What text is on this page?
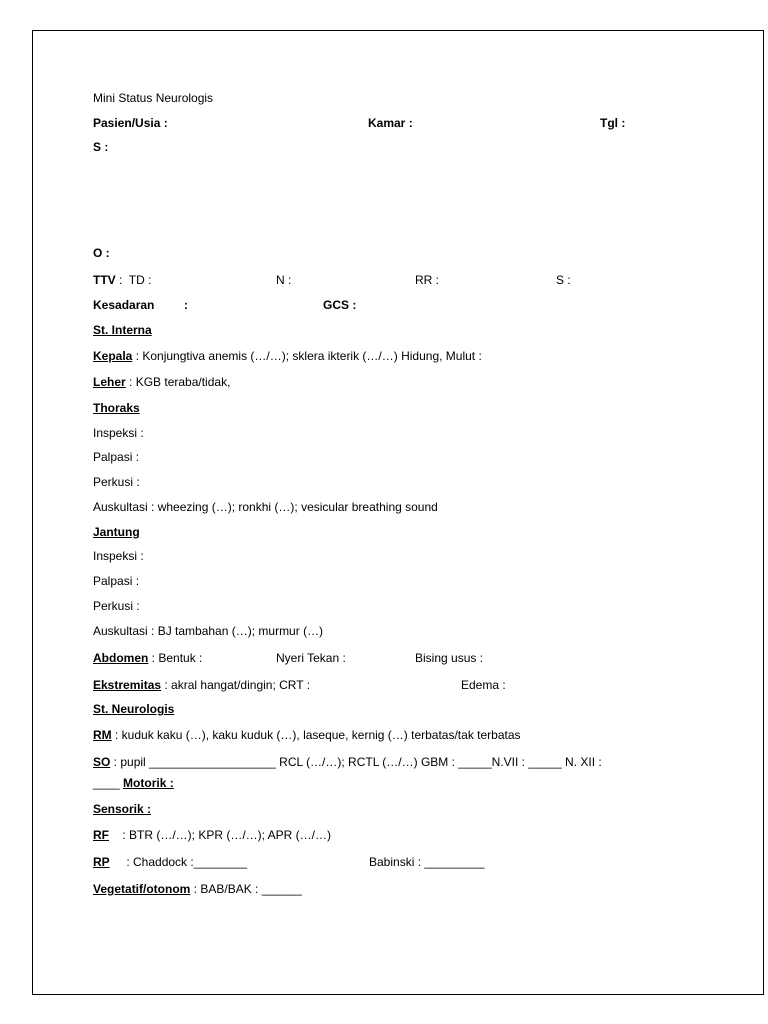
Mini Status Neurologis
Pasien/Usia :	Kamar :	Tgl :
S :
O :
TTV :  TD :	N :	RR :	S :
Kesadaran :	GCS :
St. Interna
Kepala : Konjungtiva anemis (…/…); sklera ikterik (…/…) Hidung, Mulut :
Leher : KGB teraba/tidak,
Thoraks
Inspeksi :
Palpasi :
Perkusi :
Auskultasi : wheezing (…); ronkhi (…); vesicular breathing sound
Jantung
Inspeksi :
Palpasi :
Perkusi :
Auskultasi : BJ tambahan (…); murmur (…)
Abdomen : Bentuk :	Nyeri Tekan :	Bising usus :
Ekstremitas : akral hangat/dingin; CRT :	Edema :
St. Neurologis
RM : kuduk kaku (…), kaku kuduk (…), laseque, kernig (…) terbatas/tak terbatas
SO : pupil ___________________ RCL (…/…); RCTL (…/…) GBM : _____N.VII : _____ N. XII :
____ Motorik :
Sensorik :
RF    : BTR (…/…); KPR (…/…); APR (…/…)
RP     : Chaddock :________	Babinski : _________
Vegetatif/otonom : BAB/BAK : ______
